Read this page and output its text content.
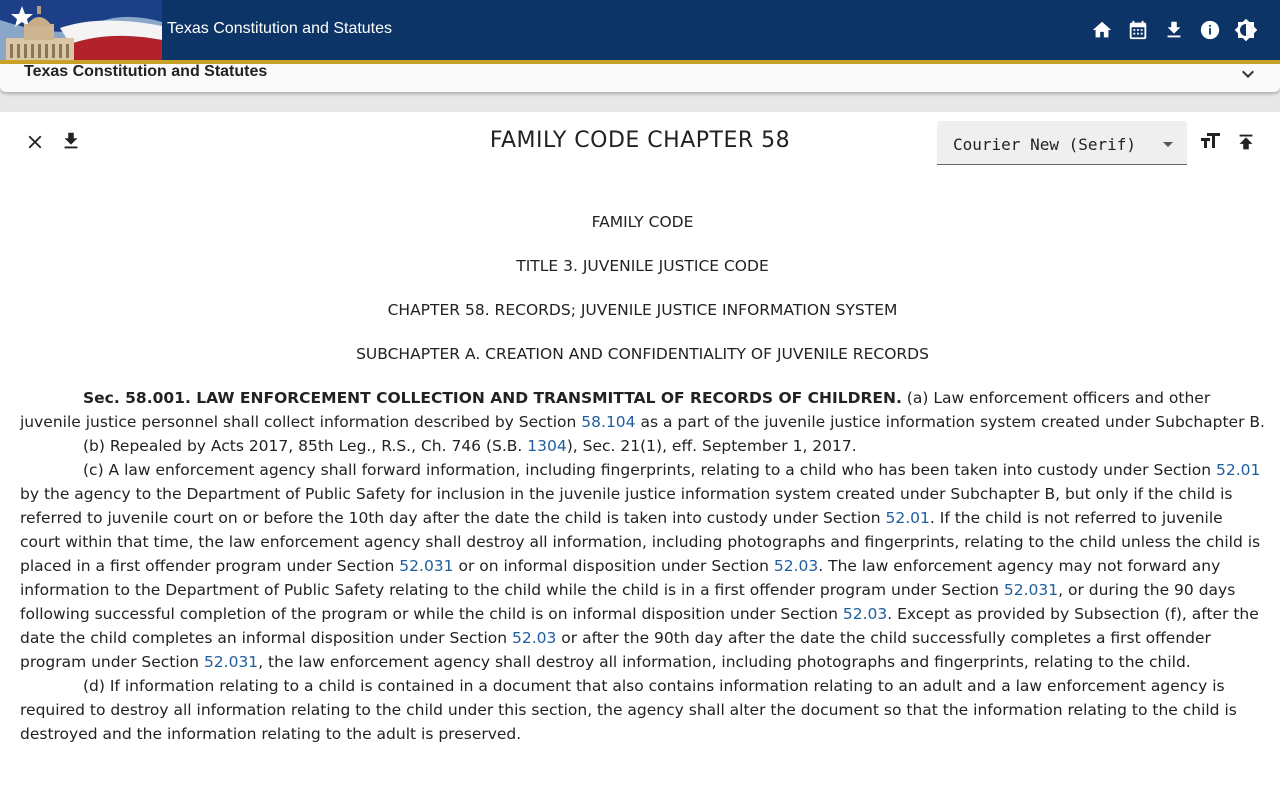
Texas Constitution and Statutes
Texas Constitution and Statutes
FAMILY CODE CHAPTER 58	Courier New (Serif)

FAMILY CODE

TITLE 3. JUVENILE JUSTICE CODE

CHAPTER 58. RECORDS; JUVENILE JUSTICE INFORMATION SYSTEM

SUBCHAPTER A. CREATION AND CONFIDENTIALITY OF JUVENILE RECORDS

Sec. 58.001. LAW ENFORCEMENT COLLECTION AND TRANSMITTAL OF RECORDS OF CHILDREN. (a) Law enforcement officers and other juvenile justice personnel shall collect information described by Section 58.104 as a part of the juvenile justice information system created under Subchapter B.

(b) Repealed by Acts 2017, 85th Leg., R.S., Ch. 746 (S.B. 1304), Sec. 21(1), eff. September 1, 2017.

(c) A law enforcement agency shall forward information, including fingerprints, relating to a child who has been taken into custody under Section 52.01 by the agency to the Department of Public Safety for inclusion in the juvenile justice information system created under Subchapter B, but only if the child is referred to juvenile court on or before the 10th day after the date the child is taken into custody under Section 52.01. If the child is not referred to juvenile court within that time, the law enforcement agency shall destroy all information, including photographs and fingerprints, relating to the child unless the child is placed in a first offender program under Section 52.031 or on informal disposition under Section 52.03. The law enforcement agency may not forward any information to the Department of Public Safety relating to the child while the child is in a first offender program under Section 52.031, or during the 90 days following successful completion of the program or while the child is on informal disposition under Section 52.03. Except as provided by Subsection (f), after the date the child completes an informal disposition under Section 52.03 or after the 90th day after the date the child successfully completes a first offender program under Section 52.031, the law enforcement agency shall destroy all information, including photographs and fingerprints, relating to the child.

(d) If information relating to a child is contained in a document that also contains information relating to an adult and a law enforcement agency is required to destroy all information relating to the child under this section, the agency shall alter the document so that the information relating to the child is destroyed and the information relating to the adult is preserved.
